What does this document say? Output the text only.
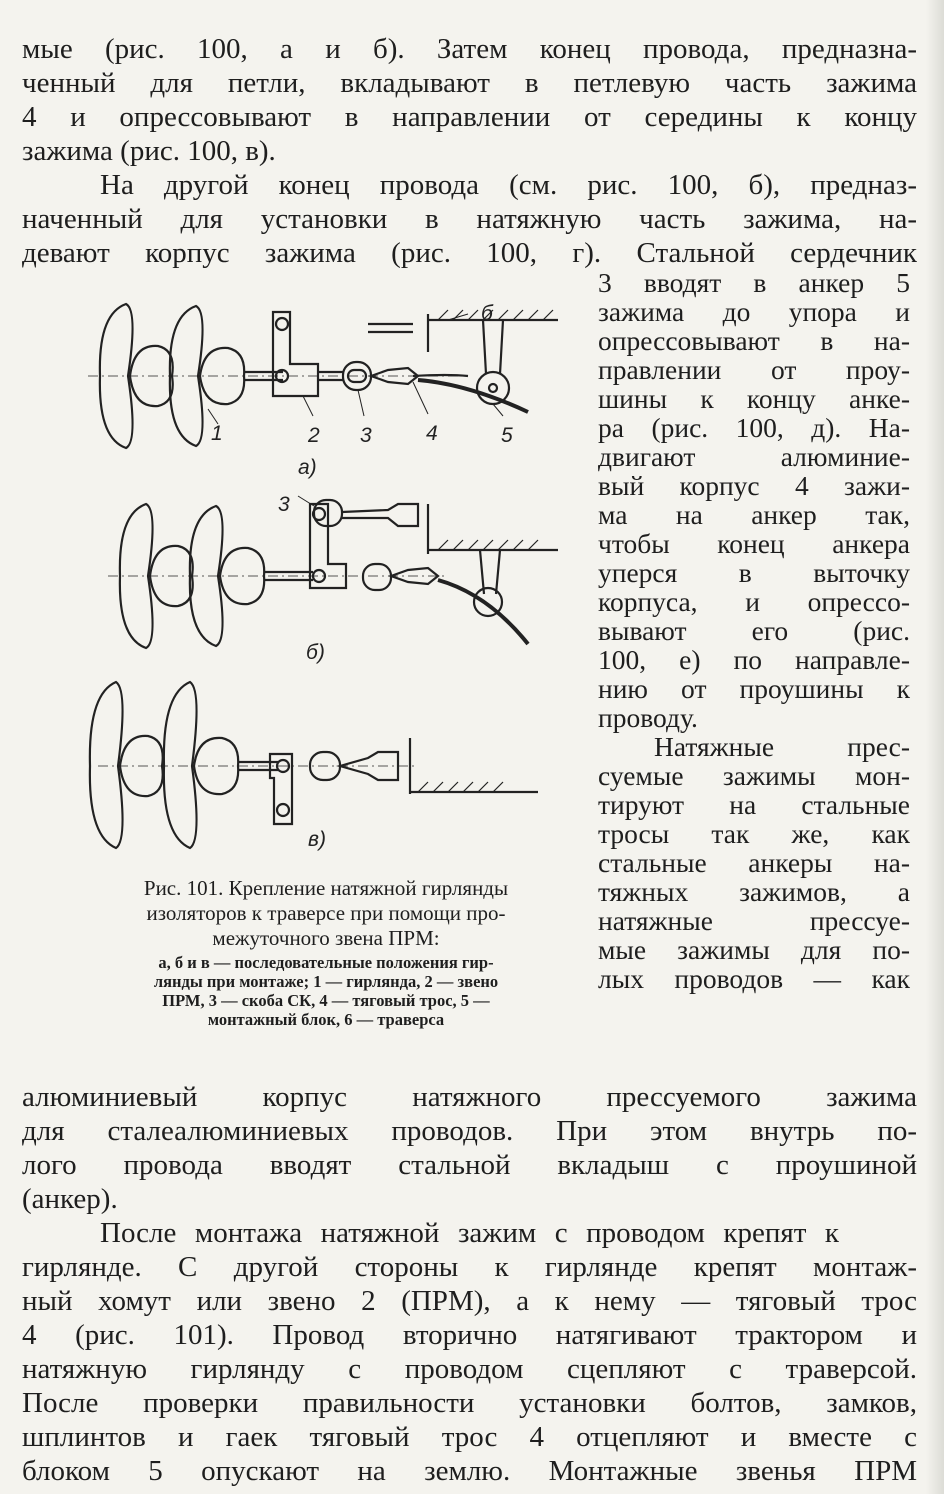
мые (рис. 100, а и б). Затем конец провода, предназна-
ченный для петли, вкладывают в петлевую часть зажима
4 и опрессовывают в направлении от середины к концу
зажима (рис. 100, в).
На другой конец провода (см. рис. 100, б), предназ-
наченный для установки в натяжную часть зажима, на-
девают корпус зажима (рис. 100, г). Стальной сердечник
3 вводят в анкер 5
зажима до упора и
опрессовывают в на-
правлении от проу-
шины к концу анке-
ра (рис. 100, д). На-
двигают алюминие-
вый корпус 4 зажи-
ма на анкер так,
чтобы конец анкера
уперся в выточку
корпуса, и опрессо-
вывают его (рис.
100, е) по направле-
нию от проушины к
проводу.
Натяжные прес-
суемые зажимы мон-
тируют на стальные
тросы так же, как
стальные анкеры на-
тяжных зажимов, а
натяжные прессуе-
мые зажимы для по-
лых проводов — как
б
1	2 3	4	5
а)
3
б)
в)
Рис. 101. Крепление натяжной гирлянды
изоляторов к траверсе при помощи про-
межуточного звена ПРМ:
а, б и в — последовательные положения гир-
лянды при монтаже; 1 — гирлянда, 2 — звено
ПРМ, 3 — скоба СК, 4 — тяговый трос, 5 —
монтажный блок, 6 — траверса
алюминиевый корпус натяжного прессуемого зажима
для сталеалюминиевых проводов. При этом внутрь по-
лого провода вводят стальной вкладыш с проушиной
(анкер).
После монтажа натяжной зажим с проводом крепят к
гирлянде. С другой стороны к гирлянде крепят монтаж-
ный хомут или звено 2 (ПРМ), а к нему — тяговый трос
4 (рис. 101). Провод вторично натягивают трактором и
натяжную гирлянду с проводом сцепляют с траверсой.
После проверки правильности установки болтов, замков,
шплинтов и гаек тяговый трос 4 отцепляют и вместе с
блоком 5 опускают на землю. Монтажные звенья ПРМ
